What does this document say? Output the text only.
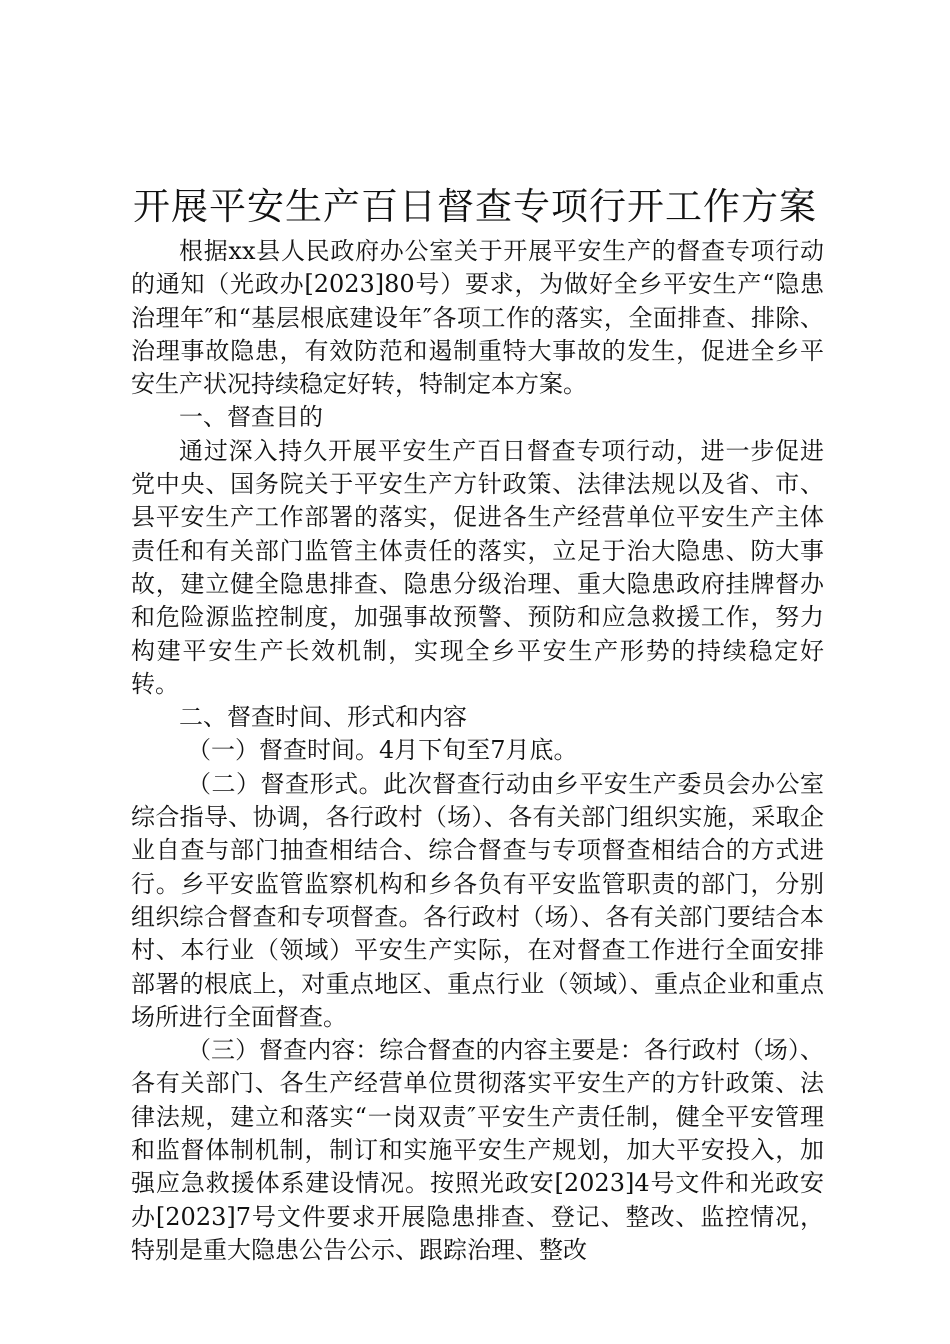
开展平安生产百日督查专项行开工作方案

根据xx县人民政府办公室关于开展平安生产的督查专项行动的通知（光政办[2023]80号）要求，为做好全乡平安生产“隐患治理年″和“基层根底建设年″各项工作的落实，全面排查、排除、治理事故隐患，有效防范和遏制重特大事故的发生，促进全乡平安生产状况持续稳定好转，特制定本方案。

一、督查目的

通过深入持久开展平安生产百日督查专项行动，进一步促进党中央、国务院关于平安生产方针政策、法律法规以及省、市、县平安生产工作部署的落实，促进各生产经营单位平安生产主体责任和有关部门监管主体责任的落实，立足于治大隐患、防大事故，建立健全隐患排查、隐患分级治理、重大隐患政府挂牌督办和危险源监控制度，加强事故预警、预防和应急救援工作，努力构建平安生产长效机制，实现全乡平安生产形势的持续稳定好转。

二、督查时间、形式和内容

（一）督查时间。4月下旬至7月底。

（二）督查形式。此次督查行动由乡平安生产委员会办公室综合指导、协调，各行政村（场）、各有关部门组织实施，采取企业自查与部门抽查相结合、综合督查与专项督查相结合的方式进行。乡平安监管监察机构和乡各负有平安监管职责的部门，分别组织综合督查和专项督查。各行政村（场）、各有关部门要结合本村、本行业（领域）平安生产实际，在对督查工作进行全面安排部署的根底上，对重点地区、重点行业（领域）、重点企业和重点场所进行全面督查。

（三）督查内容：综合督查的内容主要是：各行政村（场）、各有关部门、各生产经营单位贯彻落实平安生产的方针政策、法律法规，建立和落实“一岗双责″平安生产责任制，健全平安管理和监督体制机制，制订和实施平安生产规划，加大平安投入，加强应急救援体系建设情况。按照光政安[2023]4号文件和光政安办[2023]7号文件要求开展隐患排查、登记、整改、监控情况，特别是重大隐患公告公示、跟踪治理、整改
